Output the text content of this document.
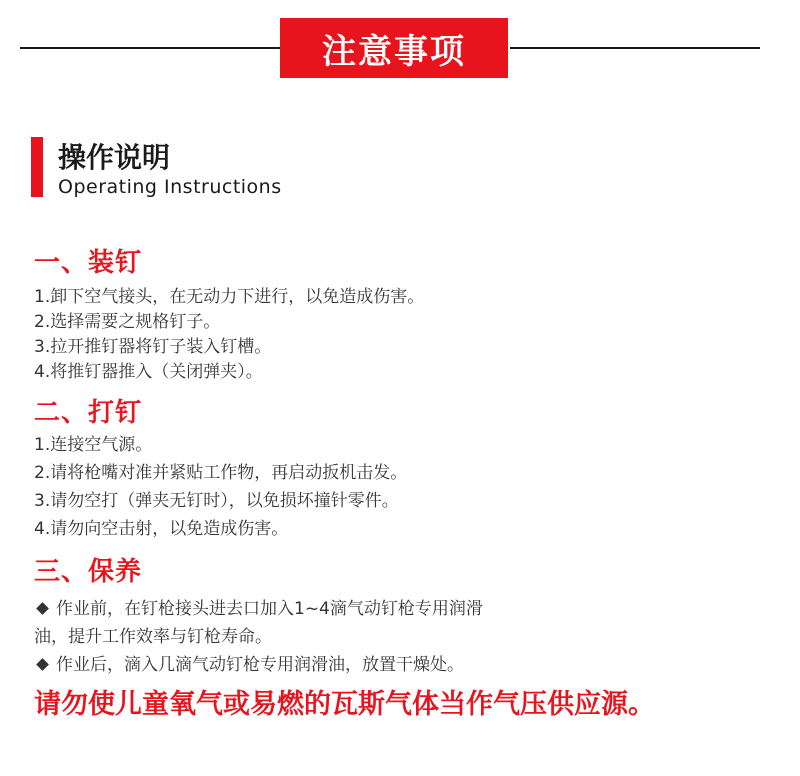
注意事项
操作说明
Operating Instructions
一、装钉
1.卸下空气接头，在无动力下进行，以免造成伤害。
2.选择需要之规格钉子。
3.拉开推钉器将钉子装入钉槽。
4.将推钉器推入（关闭弹夹）。
二、打钉
1.连接空气源。
2.请将枪嘴对准并紧贴工作物，再启动扳机击发。
3.请勿空打（弹夹无钉时），以免损坏撞针零件。
4.请勿向空击射，以免造成伤害。
三、保养
作业前，在钉枪接头进去口加入1~4滴气动钉枪专用润滑
油，提升工作效率与钉枪寿命。
作业后，滴入几滴气动钉枪专用润滑油，放置干燥处。
请勿使儿童氧气或易燃的瓦斯气体当作气压供应源。
